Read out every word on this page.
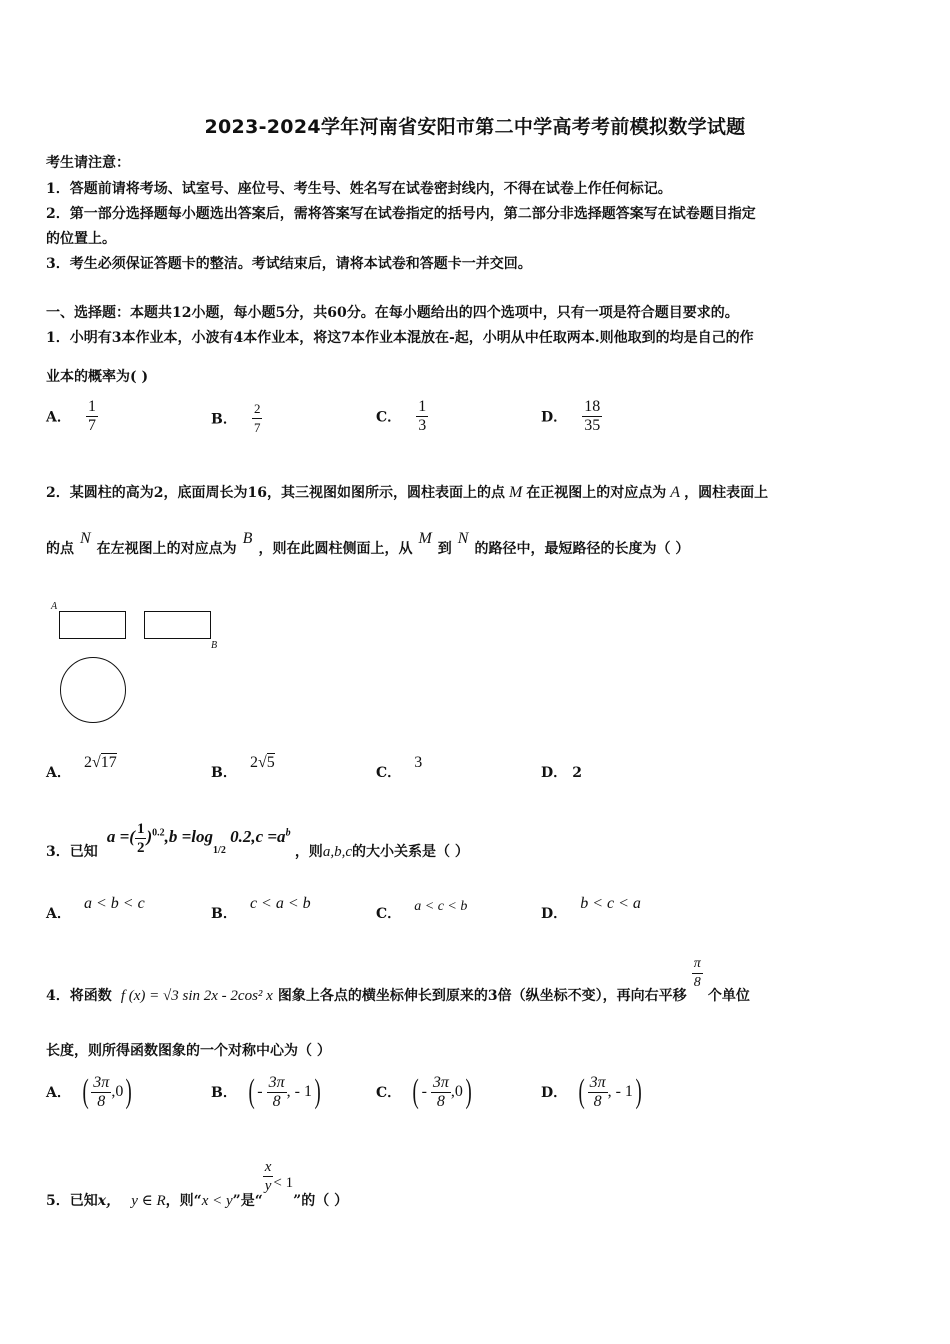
2023-2024学年河南省安阳市第二中学高考考前模拟数学试题
考生请注意：
1．答题前请将考场、试室号、座位号、考生号、姓名写在试卷密封线内，不得在试卷上作任何标记。
2．第一部分选择题每小题选出答案后，需将答案写在试卷指定的括号内，第二部分非选择题答案写在试卷题目指定
的位置上。
3．考生必须保证答题卡的整洁。考试结束后，请将本试卷和答题卡一并交回。
一、选择题：本题共12小题，每小题5分，共60分。在每小题给出的四个选项中，只有一项是符合题目要求的。
1．小明有3本作业本，小波有4本作业本，将这7本作业本混放在-起，小明从中任取两本.则他取到的均是自己的作
业本的概率为( )
A． $\frac{1}{7}$	B． $\frac{2}{7}$	C． $\frac{1}{3}$	D． $\frac{18}{35}$
2．某圆柱的高为2，底面周长为16，其三视图如图所示，圆柱表面上的点 M 在正视图上的对应点为 A ，圆柱表面上
的点N在左视图上的对应点为B，则在此圆柱侧面上，从M到N的路径中，最短路径的长度为（ ）
A
B
A． 2√17
B． 2√5
C． 3
D． 2
3．已知 a =( $\frac{1}{2} )^{0.2},b =\log_{1/2}$ $0.2,c =a^b$ ，则a,b,c的大小关系是（ ）
A． a < b < c
B． c < a < b
C． a < c < b	D． b < c < a
4．将函数 f (x) = √3 sin 2x - 2cos² x 图象上各点的横坐标伸长到原来的3倍（纵坐标不变），再向右平移
$\frac{\pi}{8}$
个单位
长度，则所得函数图象的一个对称中心为（ ）
A． ( $\frac{3\pi}{8} ,0$)	B． ( - $\frac{3\pi}{8}$ , - 1)	C． ( - $\frac{3\pi}{8} ,0$)	D． ( $\frac{3\pi}{8}$ , - 1)
5．已知x， y ∈ R，则“x < y”是“
$\frac{x}{y} < 1$”的（ ）
